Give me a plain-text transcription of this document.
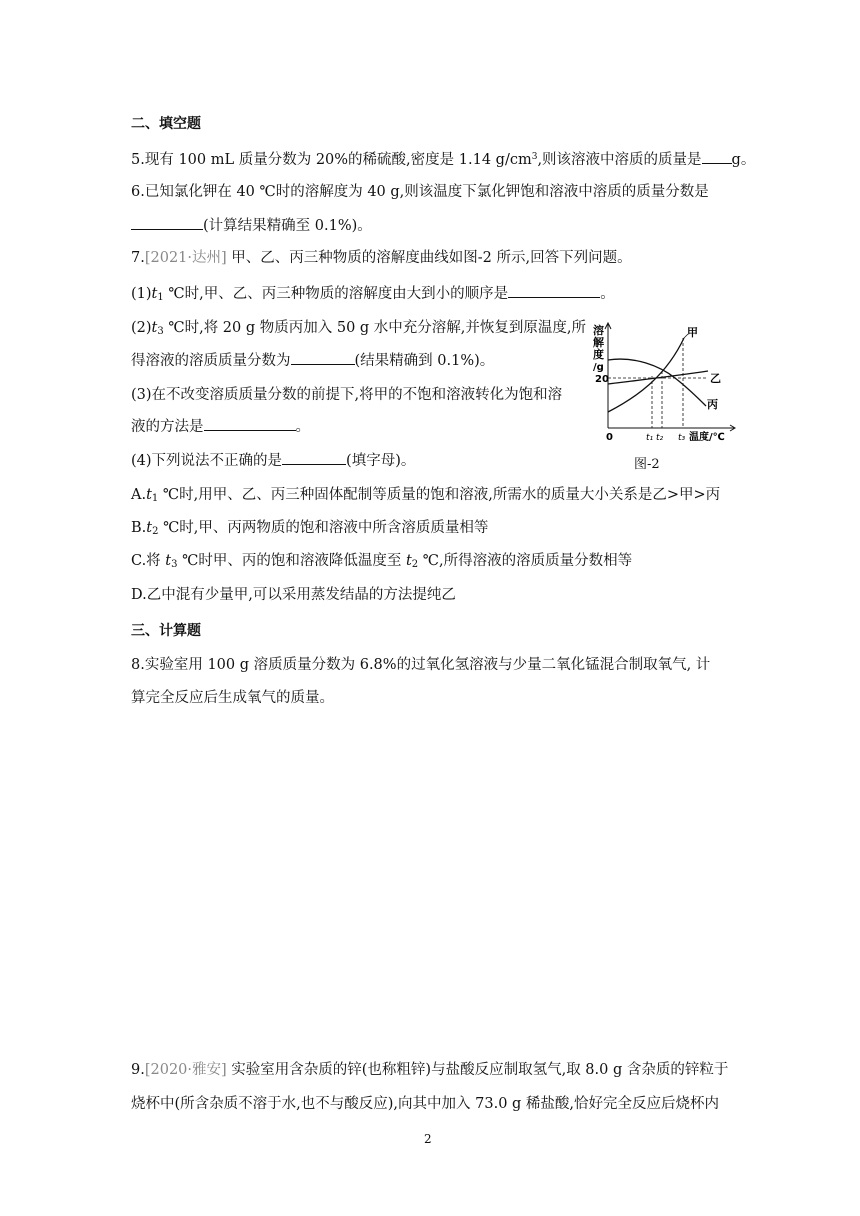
二、填空题
5.现有 100 mL 质量分数为 20%的稀硫酸,密度是 1.14 $g/cm^3$,则该溶液中溶质的质量是 g。
6.已知氯化钾在 40 ℃时的溶解度为 40 g,则该温度下氯化钾饱和溶液中溶质的质量分数是
(计算结果精确至 0.1%)。
7.[2021·达州] 甲、乙、丙三种物质的溶解度曲线如图-2 所示,回答下列问题。
$(1)t_1$ ℃时,甲、乙、丙三种物质的溶解度由大到小的顺序是	。
$(2)t_3$ ℃时,将 20 g 物质丙加入 50 g 水中充分溶解,并恢复到原温度,所
得溶液的溶质质量分数为	(结果精确到 0.1%)。
(3)在不改变溶质质量分数的前提下,将甲的不饱和溶液转化为饱和溶
液的方法是	。
(4)下列说法不正确的是	(填字母)。
$A.t_1$ ℃时,用甲、乙、丙三种固体配制等质量的饱和溶液,所需水的质量大小关系是乙>甲>丙
$B.t_2$ ℃时,甲、丙两物质的饱和溶液中所含溶质质量相等
C.将 $t_3$ ℃时甲、丙的饱和溶液降低温度至 $t_2$ ℃,所得溶液的溶质质量分数相等
D.乙中混有少量甲,可以采用蒸发结晶的方法提纯乙
溶
解
度
/g
20
0	t₁ t₂ t₃ 温度/℃
甲
乙
丙
图-2
三、计算题
8.实验室用 100 g 溶质质量分数为 6.8%的过氧化氢溶液与少量二氧化锰混合制取氧气, 计
算完全反应后生成氧气的质量。
9.[2020·雅安] 实验室用含杂质的锌(也称粗锌)与盐酸反应制取氢气,取 8.0 g 含杂质的锌粒于
烧杯中(所含杂质不溶于水,也不与酸反应),向其中加入 73.0 g 稀盐酸,恰好完全反应后烧杯内
2
